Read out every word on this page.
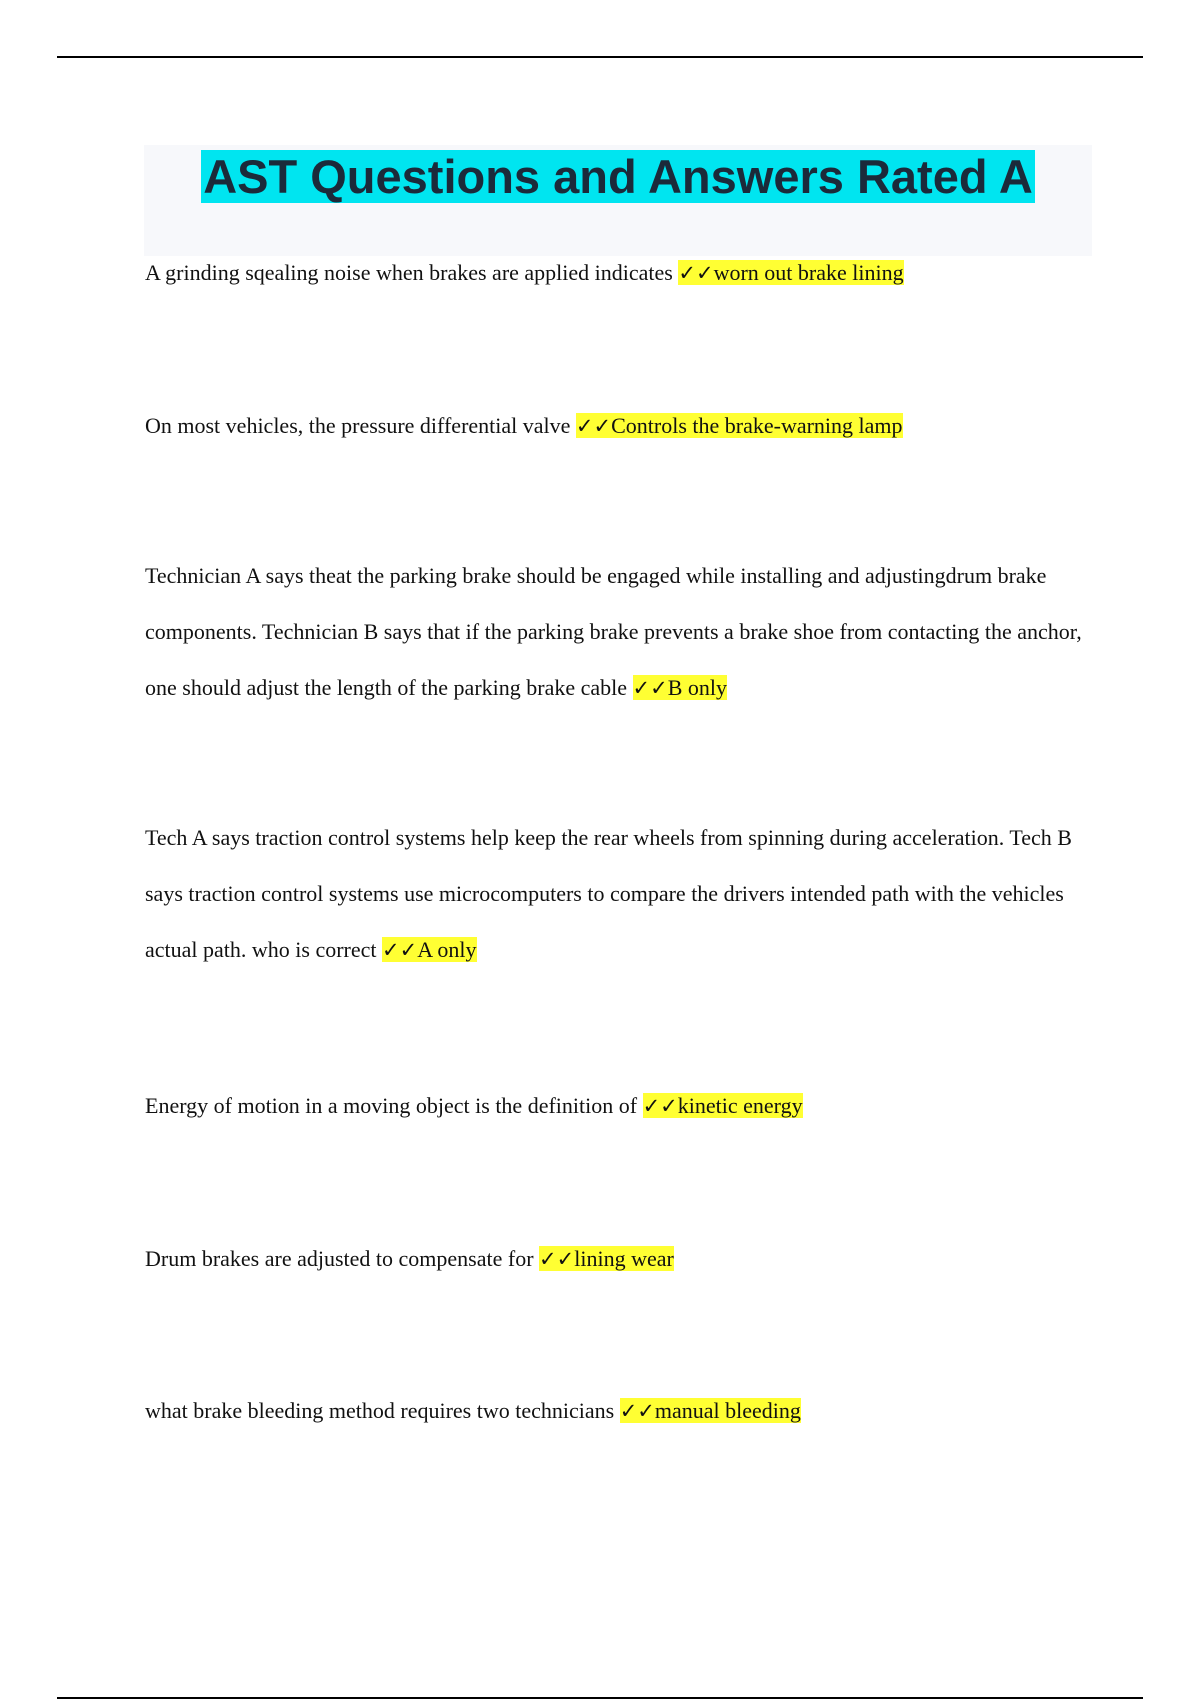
AST Questions and Answers Rated A

A grinding sqealing noise when brakes are applied indicates ✓✓worn out brake lining

On most vehicles, the pressure differential valve ✓✓Controls the brake-warning lamp

Technician A says theat the parking brake should be engaged while installing and adjustingdrum brake components. Technician B says that if the parking brake prevents a brake shoe from contacting the anchor, one should adjust the length of the parking brake cable ✓✓B only

Tech A says traction control systems help keep the rear wheels from spinning during acceleration. Tech B says traction control systems use microcomputers to compare the drivers intended path with the vehicles actual path. who is correct ✓✓A only

Energy of motion in a moving object is the definition of ✓✓kinetic energy

Drum brakes are adjusted to compensate for ✓✓lining wear

what brake bleeding method requires two technicians ✓✓manual bleeding
